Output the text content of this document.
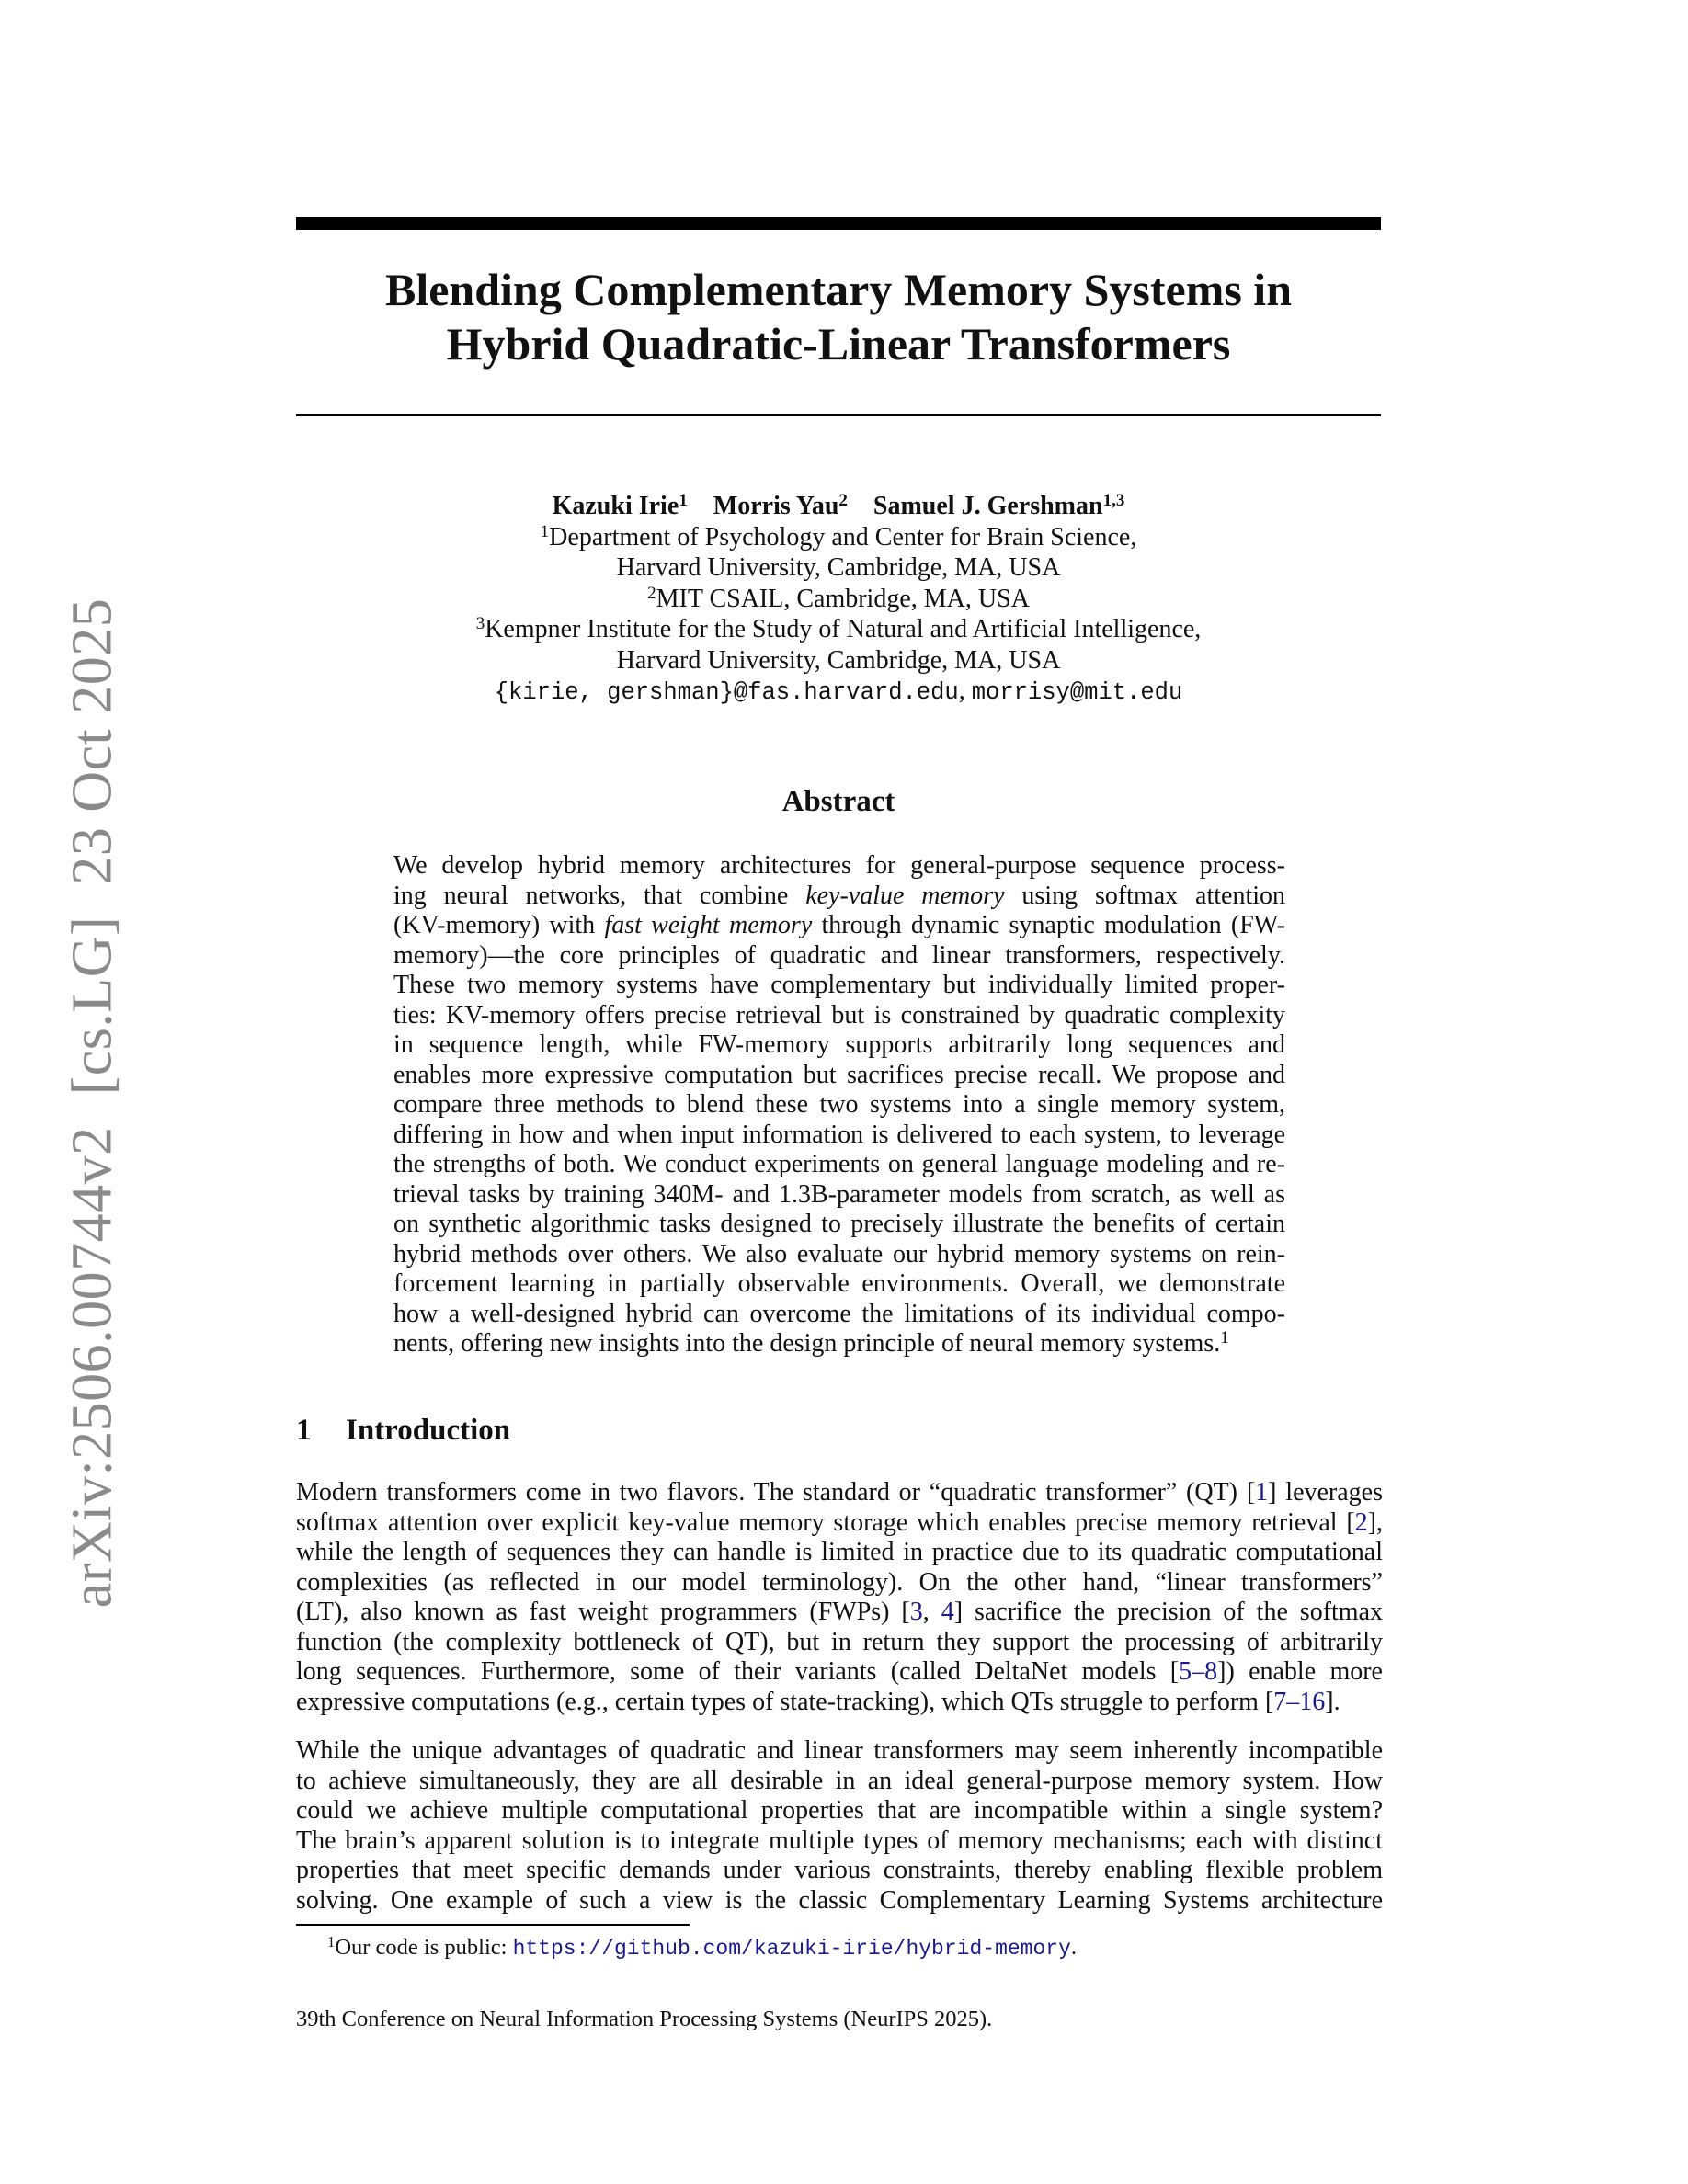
arXiv:2506.00744v2[cs.LG]23 Oct 2025
Blending Complementary Memory Systems in
Hybrid Quadratic-Linear Transformers
Kazuki Irie$^1$ Morris Yau$^2$ Samuel J. Gershman$^{1,3}$
$^1$Department of Psychology and Center for Brain Science,
Harvard University, Cambridge, MA, USA
$^2$MIT CSAIL, Cambridge, MA, USA
$^3$Kempner Institute for the Study of Natural and Artificial Intelligence,
Harvard University, Cambridge, MA, USA
{kirie, gershman}@fas.harvard.edu, morrisy@mit.edu
Abstract
We develop hybrid memory architectures for general-purpose sequence process-
ing neural networks, that combine key-value memory using softmax attention
(KV-memory) with fast weight memory through dynamic synaptic modulation (FW-
memory)—the core principles of quadratic and linear transformers, respectively.
These two memory systems have complementary but individually limited proper-
ties: KV-memory offers precise retrieval but is constrained by quadratic complexity
in sequence length, while FW-memory supports arbitrarily long sequences and
enables more expressive computation but sacrifices precise recall. We propose and
compare three methods to blend these two systems into a single memory system,
differing in how and when input information is delivered to each system, to leverage
the strengths of both. We conduct experiments on general language modeling and re-
trieval tasks by training 340M- and 1.3B-parameter models from scratch, as well as
on synthetic algorithmic tasks designed to precisely illustrate the benefits of certain
hybrid methods over others. We also evaluate our hybrid memory systems on rein-
forcement learning in partially observable environments. Overall, we demonstrate
how a well-designed hybrid can overcome the limitations of its individual compo-
nents, offering new insights into the design principle of neural memory systems.$^1$
1 Introduction
Modern transformers come in two flavors. The standard or “quadratic transformer” (QT) [1] leverages
softmax attention over explicit key-value memory storage which enables precise memory retrieval [2],
while the length of sequences they can handle is limited in practice due to its quadratic computational
complexities (as reflected in our model terminology). On the other hand, “linear transformers”
(LT), also known as fast weight programmers (FWPs) [3, 4] sacrifice the precision of the softmax
function (the complexity bottleneck of QT), but in return they support the processing of arbitrarily
long sequences. Furthermore, some of their variants (called DeltaNet models [5–8]) enable more
expressive computations (e.g., certain types of state-tracking), which QTs struggle to perform [7–16].
While the unique advantages of quadratic and linear transformers may seem inherently incompatible
to achieve simultaneously, they are all desirable in an ideal general-purpose memory system. How
could we achieve multiple computational properties that are incompatible within a single system?
The brain’s apparent solution is to integrate multiple types of memory mechanisms; each with distinct
properties that meet specific demands under various constraints, thereby enabling flexible problem
solving. One example of such a view is the classic Complementary Learning Systems architecture

$^1$Our code is public: https://github.com/kazuki-irie/hybrid-memory.

39th Conference on Neural Information Processing Systems (NeurIPS 2025).
